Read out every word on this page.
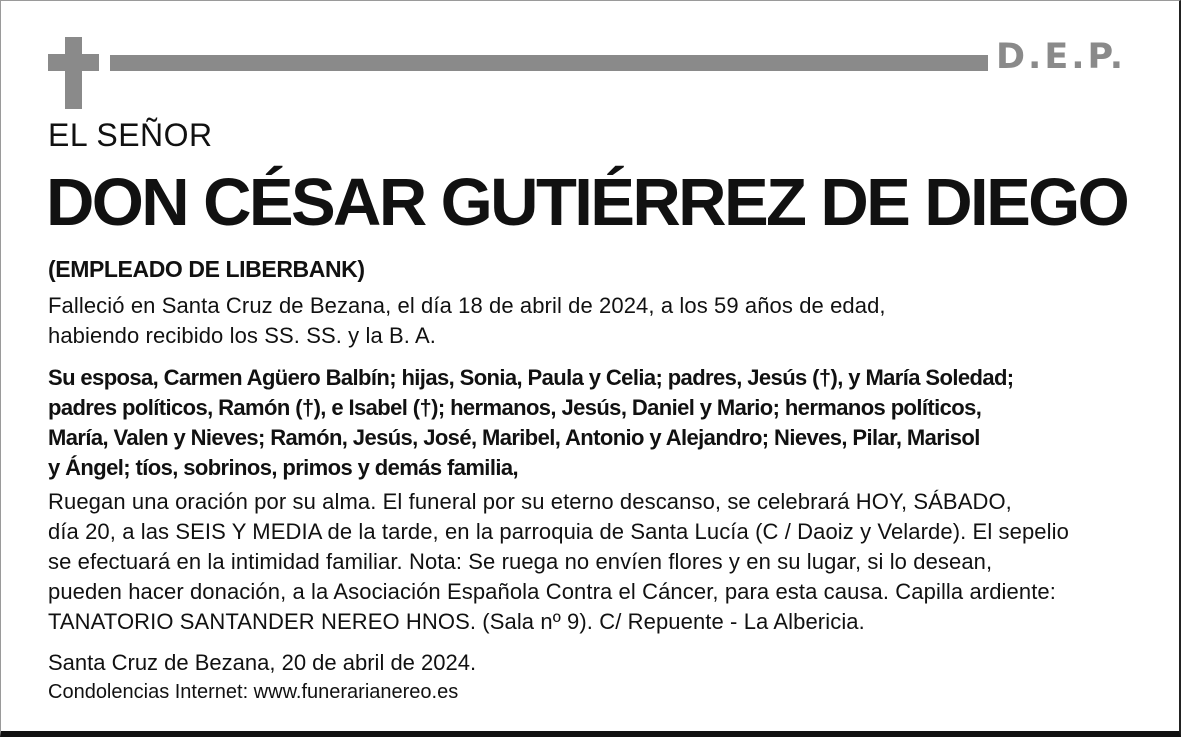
D.E.P.
EL SEÑOR
DON CÉSAR GUTIÉRREZ DE DIEGO
(EMPLEADO DE LIBERBANK)
Falleció en Santa Cruz de Bezana, el día 18 de abril de 2024, a los 59 años de edad,
habiendo recibido los SS. SS. y la B. A.
Su esposa, Carmen Agüero Balbín; hijas, Sonia, Paula y Celia; padres, Jesús (†), y María Soledad;
padres políticos, Ramón (†), e Isabel (†); hermanos, Jesús, Daniel y Mario; hermanos políticos,
María, Valen y Nieves; Ramón, Jesús, José, Maribel, Antonio y Alejandro; Nieves, Pilar, Marisol
y Ángel; tíos, sobrinos, primos y demás familia,
Ruegan una oración por su alma. El funeral por su eterno descanso, se celebrará HOY, SÁBADO,
día 20, a las SEIS Y MEDIA de la tarde, en la parroquia de Santa Lucía (C / Daoiz y Velarde). El sepelio
se efectuará en la intimidad familiar. Nota: Se ruega no envíen flores y en su lugar, si lo desean,
pueden hacer donación, a la Asociación Española Contra el Cáncer, para esta causa. Capilla ardiente:
TANATORIO SANTANDER NEREO HNOS. (Sala nº 9). C/ Repuente - La Albericia.
Santa Cruz de Bezana, 20 de abril de 2024.
Condolencias Internet: www.funerarianereo.es
